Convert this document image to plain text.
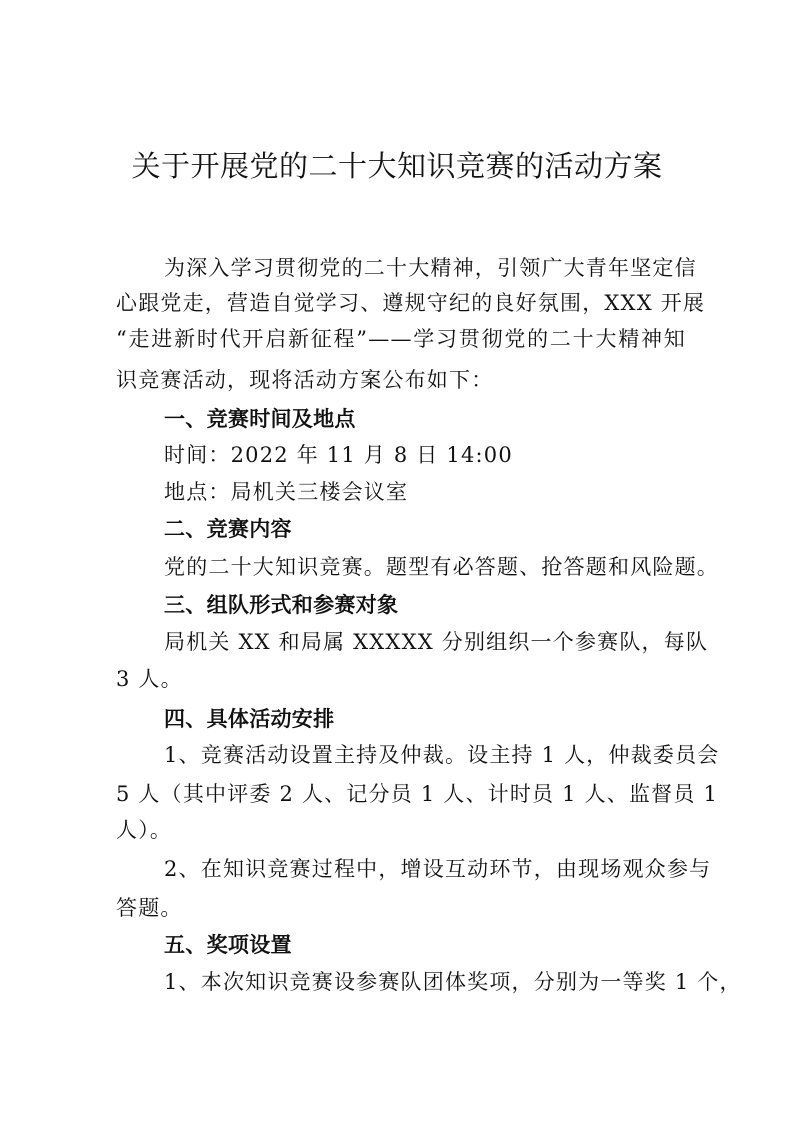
关于开展党的二十大知识竞赛的活动方案
为深入学习贯彻党的二十大精神，引领广大青年坚定信
心跟党走，营造自觉学习、遵规守纪的良好氛围，XXX 开展
“走进新时代开启新征程”——学习贯彻党的二十大精神知
识竞赛活动，现将活动方案公布如下：
一、竞赛时间及地点
时间：2022 年 11 月 8 日 14:00
地点：局机关三楼会议室
二、竞赛内容
党的二十大知识竞赛。题型有必答题、抢答题和风险题。
三、组队形式和参赛对象
局机关 XX 和局属 XXXXX 分别组织一个参赛队，每队
3 人。
四、具体活动安排
1、竞赛活动设置主持及仲裁。设主持 1 人，仲裁委员会
5 人（其中评委 2 人、记分员 1 人、计时员 1 人、监督员 1
人）。
2、在知识竞赛过程中，增设互动环节，由现场观众参与
答题。
五、奖项设置
1、本次知识竞赛设参赛队团体奖项，分别为一等奖 1 个，
